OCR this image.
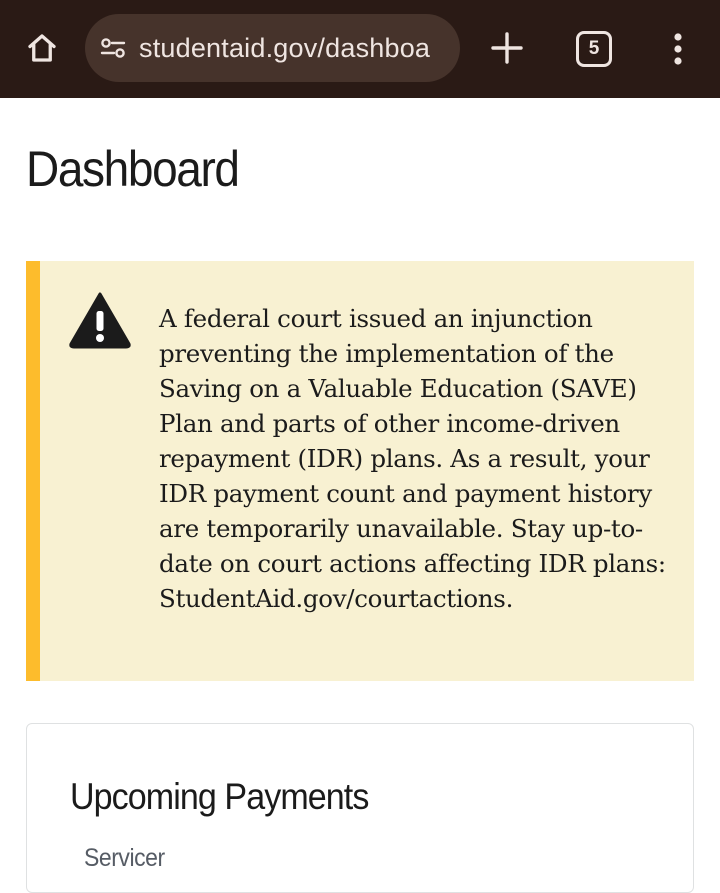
studentaid.gov/dashboa	5
Dashboard

A federal court issued an injunction preventing the implementation of the Saving on a Valuable Education (SAVE) Plan and parts of other income-driven repayment (IDR) plans. As a result, your IDR payment count and payment history are temporarily unavailable. Stay up-to-date on court actions affecting IDR plans: StudentAid.gov/courtactions.

Upcoming Payments
Servicer
